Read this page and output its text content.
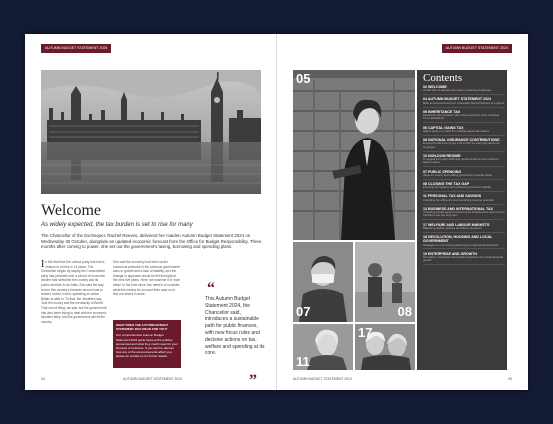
AUTUMN BUDGET STATEMENT 2024
Welcome
As widely expected, the tax burden is set to rise for many
The Chancellor of the Exchequer, Rachel Reeves, delivered her maiden Autumn Budget Statement 2024 on Wednesday 30 October, alongside an updated economic forecast from the Office for Budget Responsibility. Three months after coming to power, she set out the government's taxing, borrowing and spending plans.
I n the first time the Labour party has had a chance to do this in 14 years. The Chancellor began by saying the Conservative party had presided over a period of economic decline that stretched the country and its public services to its limits. She said the way to turn this country's fortunes around was to rebuild, invest, invest, spending on which Britain is able to. To that, the Jewellers say, 'And the money and the mendacity of Brexit'. That sort of thing, we saw, but the government has also been trying to deal with the economic situation fairly, and the government will lift the country.
She said the economy had been under enormous pressure in the previous government was no growth and a lack of stability, and the change in approach would be felt throughout the next five years. Here, we examine it in more detail. In the time since, the need is to consider what this means for you and then read on to find out what's in store.
WHAT DOES THE AUTUMN BUDGET STATEMENT 2024 MEAN FOR YOU?
Our comprehensive Autumn Budget Statement 2024 guide looks at the policies announced and what they could mean for your finances or business. If you want to discuss how any of the announcements affect you, please do contact us for further details.
“
This Autumn Budget Statement 2024, the Chancellor said, introduces a sustainable path for public finances, with new focus rules and decisive actions on tax, welfare and spending at its core.
”
04	AUTUMN BUDGET STATEMENT 2024
AUTUMN BUDGET STATEMENT 2024
05
07	08
11
17
Contents
02 WELCOME
A brief intro to address the nation's pressing challenges
04 AUTUMN BUDGET STATEMENT 2024
Main announcements from Chancellor Rachel Reeves at a glance
05 INHERITANCE TAX
Departure from previous rules where pensions were excluded from calculations
06 CAPITAL GAINS TAX
Higher taxes on profits from selling assets like shares
08 NATIONAL INSURANCE CONTRIBUTIONS
Employers will have to pay 1.2p in NIC for every £1 paid to an employee
10 NON-DOM REGIME
To appeal from April 2025 and replaced with a new residence based regime
07 PUBLIC SPENDING
Value for money and making government operate better
08 CLOSING THE TAX GAP
Ensuring fair taxation and enhancing economic stability
11 PERSONAL TAX AND SAVINGS
Unlocking tax efficiency and nourishing revenue potential
13 BUSINESS AND INTERNATIONAL TAX
Unlocking private sector investment for infrastructure and net zero transition over the long term
17 WELFARE AND LABOUR MARKETS
Balancing welfare policies and labour dynamics
18 DEVOLUTION, HOUSING AND LOCAL GOVERNMENT
Strategies for community planning and regional development
19 ENTERPRISE AND GROWTH
Innovation, investment and market expansion for entrepreneurial growth
AUTUMN BUDGET STATEMENT 2024	05
